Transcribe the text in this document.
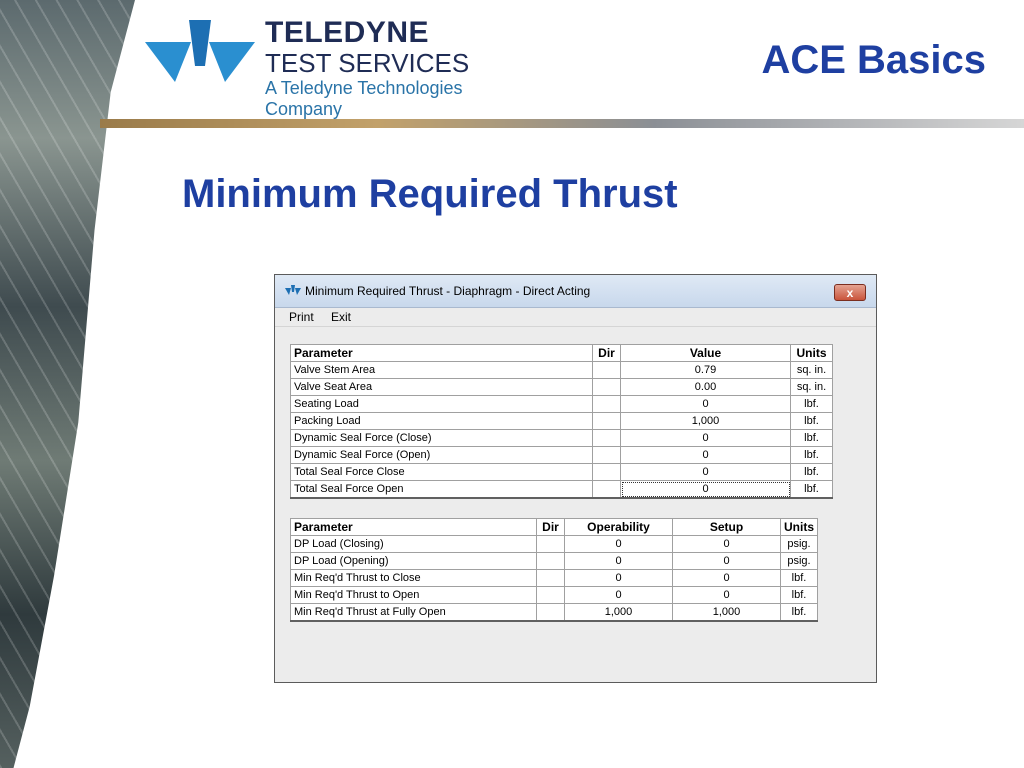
TELEDYNE
TEST SERVICES
A Teledyne Technologies Company
ACE Basics
Minimum Required Thrust
Minimum Required Thrust - Diaphragm - Direct Acting	x
Print Exit
Parameter	Dir	Value	Units
Valve Stem Area		0.79	sq. in.
Valve Seat Area		0.00	sq. in.
Seating Load		0	lbf.
Packing Load		1,000	lbf.
Dynamic Seal Force (Close)		0	lbf.
Dynamic Seal Force (Open)		0	lbf.
Total Seal Force Close		0	lbf.
Total Seal Force Open		0	lbf.
Parameter	Dir	Operability	Setup	Units
DP Load (Closing)		0	0	psig.
DP Load (Opening)		0	0	psig.
Min Req'd Thrust to Close		0	0	lbf.
Min Req'd Thrust to Open		0	0	lbf.
Min Req'd Thrust at Fully Open		1,000	1,000	lbf.
